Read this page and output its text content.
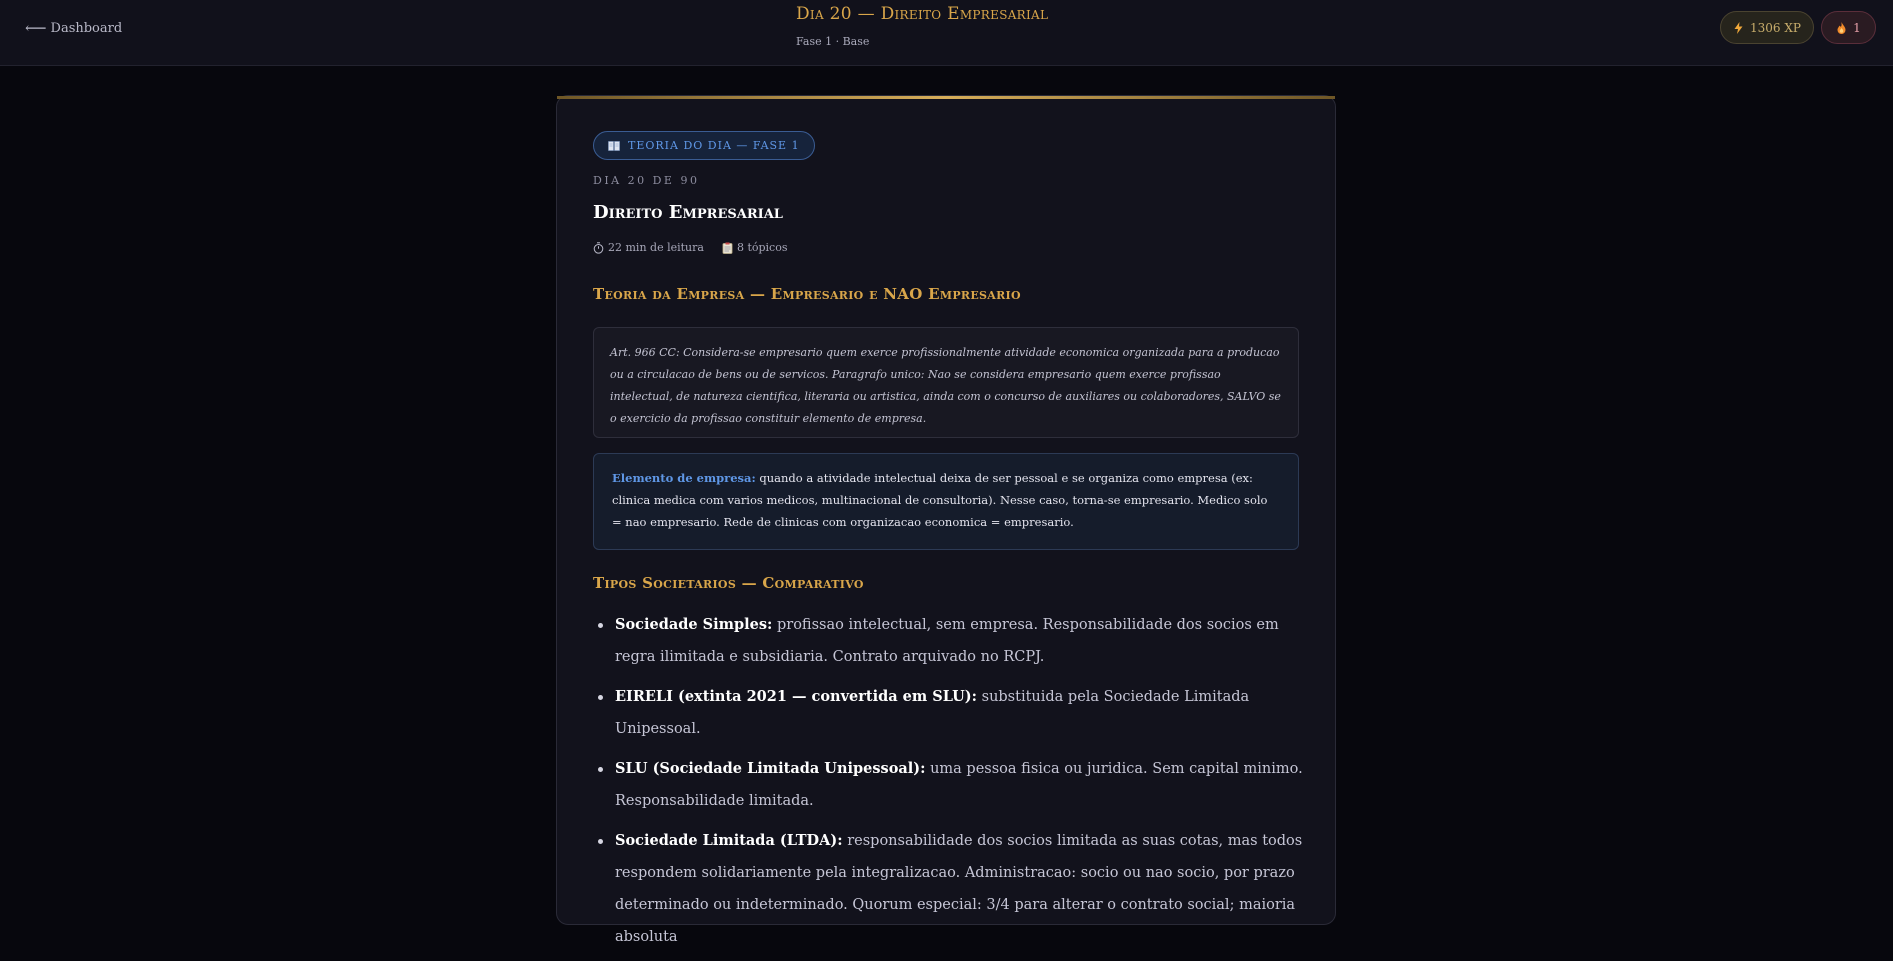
⟵ Dashboard
Dia 20 — Direito Empresarial
Fase 1 · Base
1306 XP	1
TEORIA DO DIA — FASE 1
DIA 20 DE 90
Direito Empresarial
22 min de leitura	8 tópicos
Teoria da Empresa — Empresario e NAO Empresario
Art. 966 CC: Considera-se empresario quem exerce profissionalmente atividade economica organizada para a producao ou a circulacao de bens ou de servicos. Paragrafo unico: Nao se considera empresario quem exerce profissao intelectual, de natureza cientifica, literaria ou artistica, ainda com o concurso de auxiliares ou colaboradores, SALVO se o exercicio da profissao constituir elemento de empresa.
Elemento de empresa: quando a atividade intelectual deixa de ser pessoal e se organiza como empresa (ex: clinica medica com varios medicos, multinacional de consultoria). Nesse caso, torna-se empresario. Medico solo = nao empresario. Rede de clinicas com organizacao economica = empresario.
Tipos Societarios — Comparativo
Sociedade Simples: profissao intelectual, sem empresa. Responsabilidade dos socios em regra ilimitada e subsidiaria. Contrato arquivado no RCPJ.
EIRELI (extinta 2021 — convertida em SLU): substituida pela Sociedade Limitada Unipessoal.
SLU (Sociedade Limitada Unipessoal): uma pessoa fisica ou juridica. Sem capital minimo. Responsabilidade limitada.
Sociedade Limitada (LTDA): responsabilidade dos socios limitada as suas cotas, mas todos respondem solidariamente pela integralizacao. Administracao: socio ou nao socio, por prazo determinado ou indeterminado. Quorum especial: 3/4 para alterar o contrato social; maioria absoluta
